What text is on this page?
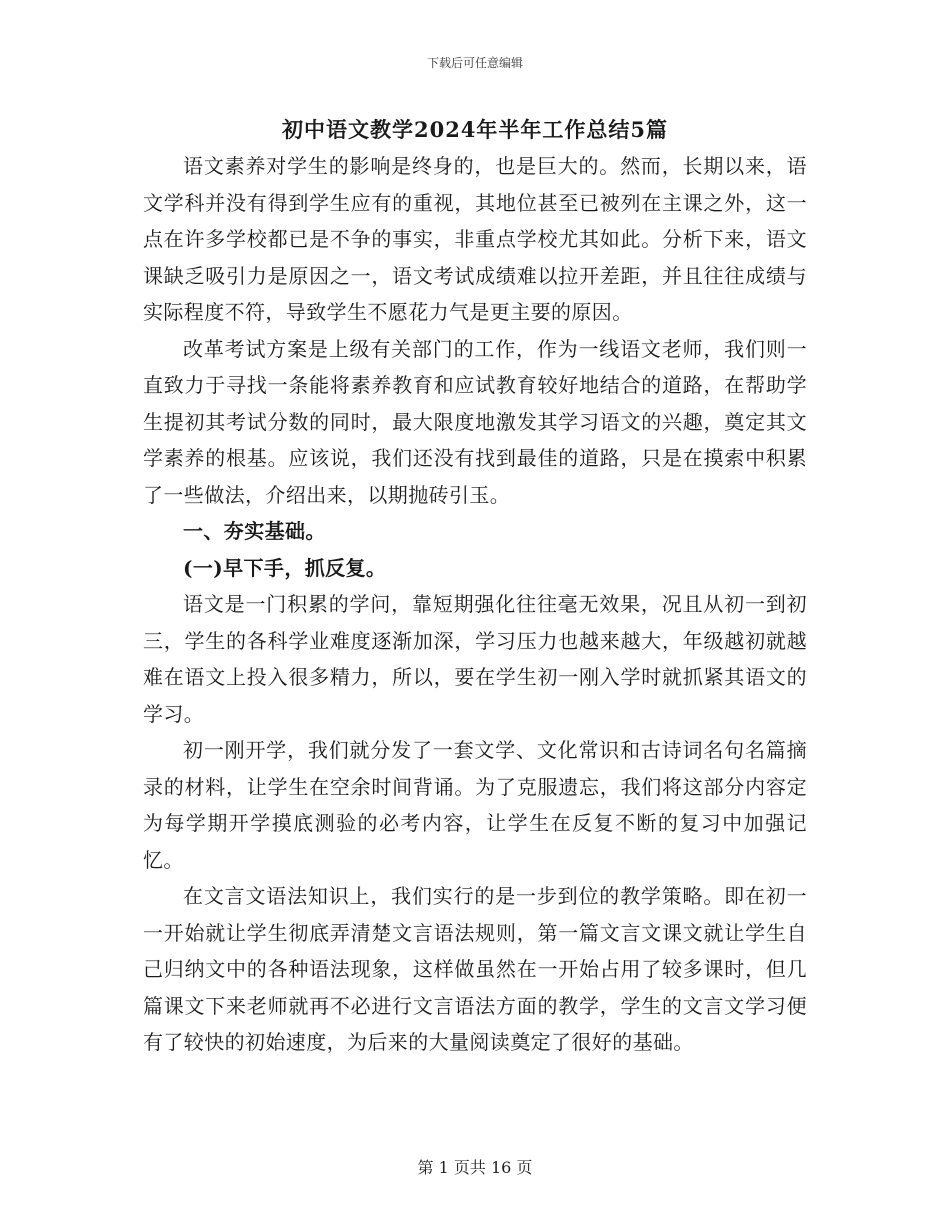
下载后可任意编辑
初中语文教学2024年半年工作总结5篇

语文素养对学生的影响是终身的，也是巨大的。然而，长期以来，语文学科并没有得到学生应有的重视，其地位甚至已被列在主课之外，这一点在许多学校都已是不争的事实，非重点学校尤其如此。分析下来，语文课缺乏吸引力是原因之一，语文考试成绩难以拉开差距，并且往往成绩与实际程度不符，导致学生不愿花力气是更主要的原因。

改革考试方案是上级有关部门的工作，作为一线语文老师，我们则一直致力于寻找一条能将素养教育和应试教育较好地结合的道路，在帮助学生提初其考试分数的同时，最大限度地激发其学习语文的兴趣，奠定其文学素养的根基。应该说，我们还没有找到最佳的道路，只是在摸索中积累了一些做法，介绍出来，以期抛砖引玉。

一、夯实基础。

(一)早下手，抓反复。

语文是一门积累的学问，靠短期强化往往毫无效果，况且从初一到初三，学生的各科学业难度逐渐加深，学习压力也越来越大，年级越初就越难在语文上投入很多精力，所以，要在学生初一刚入学时就抓紧其语文的学习。

初一刚开学，我们就分发了一套文学、文化常识和古诗词名句名篇摘录的材料，让学生在空余时间背诵。为了克服遗忘，我们将这部分内容定为每学期开学摸底测验的必考内容，让学生在反复不断的复习中加强记忆。

在文言文语法知识上，我们实行的是一步到位的教学策略。即在初一一开始就让学生彻底弄清楚文言语法规则，第一篇文言文课文就让学生自己归纳文中的各种语法现象，这样做虽然在一开始占用了较多课时，但几篇课文下来老师就再不必进行文言语法方面的教学，学生的文言文学习便有了较快的初始速度，为后来的大量阅读奠定了很好的基础。

第 1 页共 16 页
